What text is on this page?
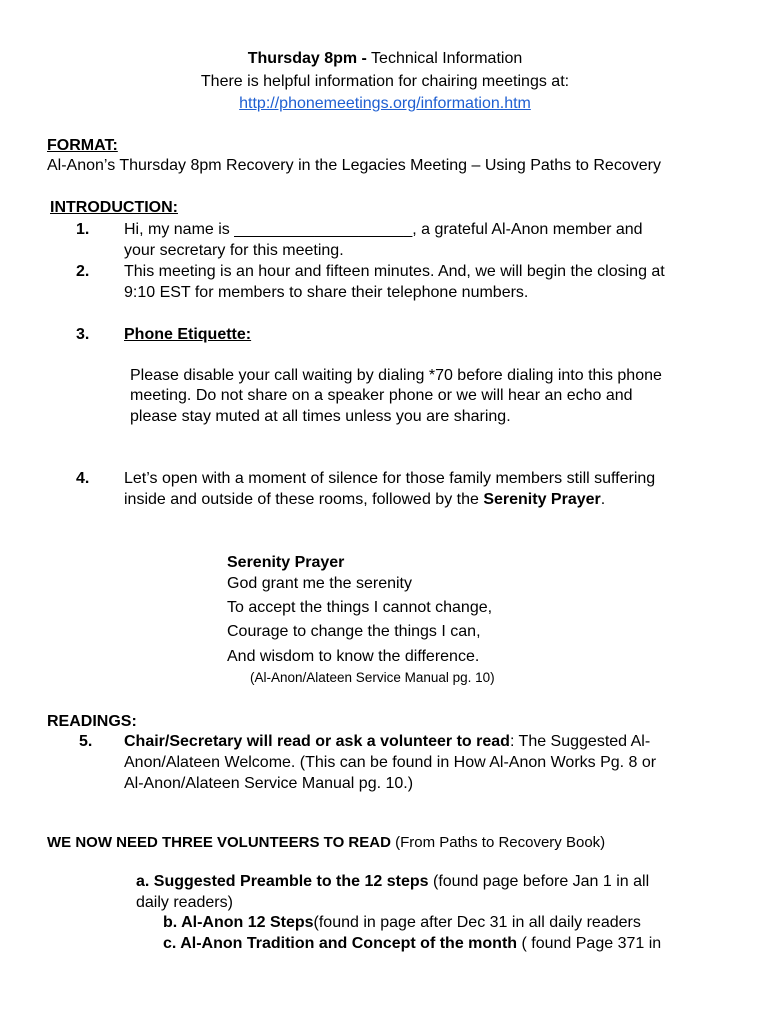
Thursday 8pm - Technical Information
There is helpful information for chairing meetings at:
http://phonemeetings.org/information.htm
FORMAT:
Al-Anon’s Thursday 8pm Recovery in the Legacies Meeting – Using Paths to Recovery
INTRODUCTION:
1. Hi, my name is ____________________, a grateful Al-Anon member and
your secretary for this meeting.
2. This meeting is an hour and fifteen minutes. And, we will begin the closing at
9:10 EST for members to share their telephone numbers.
3. Phone Etiquette:
Please disable your call waiting by dialing *70 before dialing into this phone
meeting. Do not share on a speaker phone or we will hear an echo and
please stay muted at all times unless you are sharing.
4. Let’s open with a moment of silence for those family members still suffering
inside and outside of these rooms, followed by the Serenity Prayer.
Serenity Prayer
God grant me the serenity
To accept the things I cannot change,
Courage to change the things I can,
And wisdom to know the difference.
(Al-Anon/Alateen Service Manual pg. 10)
READINGS:
5. Chair/Secretary will read or ask a volunteer to read: The Suggested Al-
Anon/Alateen Welcome. (This can be found in How Al-Anon Works Pg. 8 or
Al-Anon/Alateen Service Manual pg. 10.)
WE NOW NEED THREE VOLUNTEERS TO READ (From Paths to Recovery Book)
a. Suggested Preamble to the 12 steps (found page before Jan 1 in all
daily readers)
b. Al-Anon 12 Steps(found in page after Dec 31 in all daily readers
c. Al-Anon Tradition and Concept of the month ( found Page 371 in
